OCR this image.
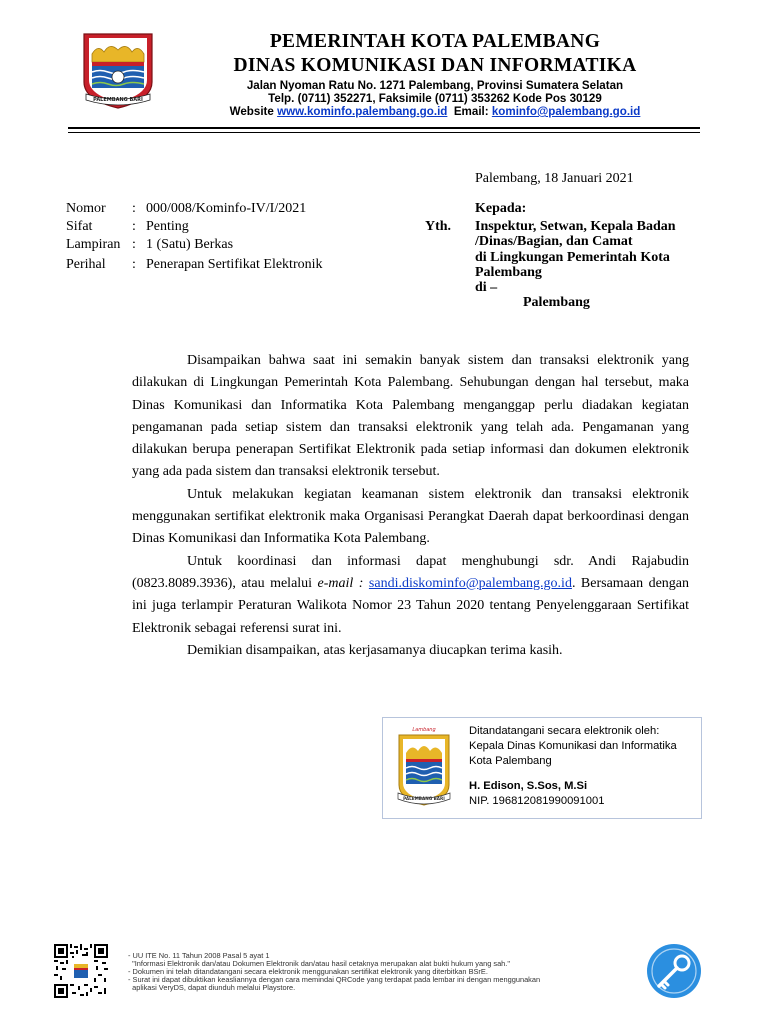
PALEMBANG BARI
PEMERINTAH KOTA PALEMBANG
DINAS KOMUNIKASI DAN INFORMATIKA
Jalan Nyoman Ratu No. 1271 Palembang, Provinsi Sumatera Selatan
Telp. (0711) 352271, Faksimile (0711) 353262 Kode Pos 30129
Website www.kominfo.palembang.go.id Email: kominfo@palembang.go.id
Palembang, 18 Januari 2021
Nomor : 000/008/Kominfo-IV/I/2021
Sifat	: Penting
Lampiran : 1 (Satu) Berkas
Perihal : Penerapan Sertifikat Elektronik
Kepada:
Yth. Inspektur, Setwan, Kepala Badan
/Dinas/Bagian, dan Camat
di Lingkungan Pemerintah Kota
Palembang
di –
Palembang

Disampaikan bahwa saat ini semakin banyak sistem dan transaksi elektronik yang dilakukan di Lingkungan Pemerintah Kota Palembang. Sehubungan dengan hal tersebut, maka Dinas Komunikasi dan Informatika Kota Palembang menganggap perlu diadakan kegiatan pengamanan pada setiap sistem dan transaksi elektronik yang telah ada. Pengamanan yang dilakukan berupa penerapan Sertifikat Elektronik pada setiap informasi dan dokumen elektronik yang ada pada sistem dan transaksi elektronik tersebut.

Untuk melakukan kegiatan keamanan sistem elektronik dan transaksi elektronik menggunakan sertifikat elektronik maka Organisasi Perangkat Daerah dapat berkoordinasi dengan Dinas Komunikasi dan Informatika Kota Palembang.

Untuk koordinasi dan informasi dapat menghubungi sdr. Andi Rajabudin (0823.8089.3936), atau melalui e-mail : sandi.diskominfo@palembang.go.id. Bersamaan dengan ini juga terlampir Peraturan Walikota Nomor 23 Tahun 2020 tentang Penyelenggaraan Sertifikat Elektronik sebagai referensi surat ini.

Demikian disampaikan, atas kerjasamanya diucapkan terima kasih.

Lambang
PALEMBANG BARI
Ditandatangani secara elektronik oleh:
Kepala Dinas Komunikasi dan Informatika
Kota Palembang
H. Edison, S.Sos, M.Si
NIP. 196812081990091001
- UU ITE No. 11 Tahun 2008 Pasal 5 ayat 1
"Informasi Elektronik dan/atau Dokumen Elektronik dan/atau hasil cetaknya merupakan alat bukti hukum yang sah."
- Dokumen ini telah ditandatangani secara elektronik menggunakan sertifikat elektronik yang diterbitkan BSrE.
- Surat ini dapat dibuktikan keasliannya dengan cara memindai QRCode yang terdapat pada lembar ini dengan menggunakan
aplikasi VeryDS, dapat diunduh melalui Playstore.
